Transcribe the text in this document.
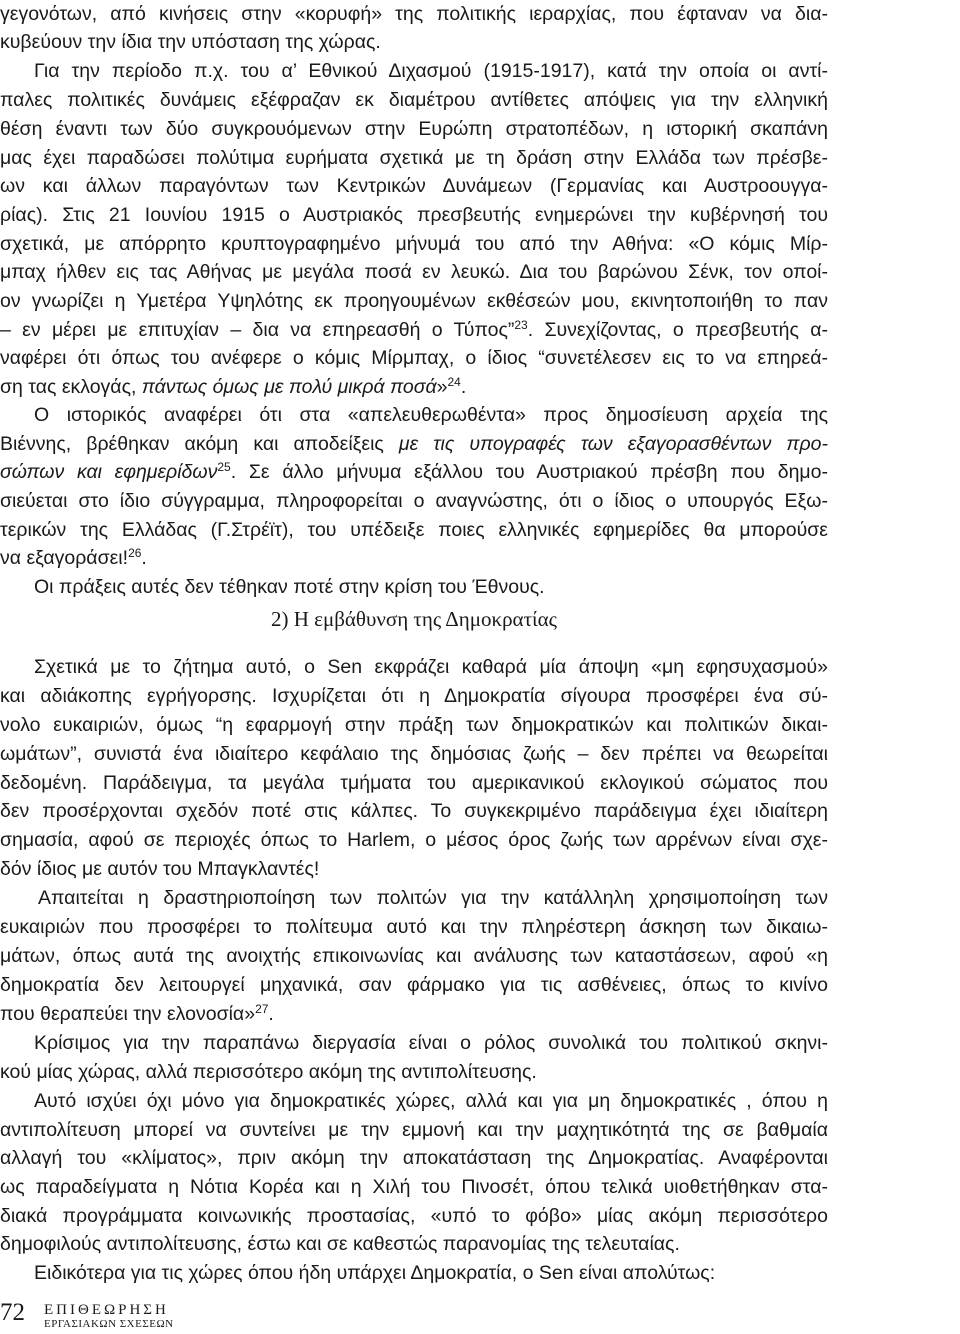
γεγονότων, από κινήσεις στην «κορυφή» της πολιτικής ιεραρχίας, που έφταναν να δια-
κυβεύουν την ίδια την υπόσταση της χώρας.
Για την περίοδο π.χ. του α’ Εθνικού Διχασμού (1915-1917), κατά την οποία οι αντί-
παλες πολιτικές δυνάμεις εξέφραζαν εκ διαμέτρου αντίθετες απόψεις για την ελληνική
θέση έναντι των δύο συγκρουόμενων στην Ευρώπη στρατοπέδων, η ιστορική σκαπάνη
μας έχει παραδώσει πολύτιμα ευρήματα σχετικά με τη δράση στην Ελλάδα των πρέσβε-
ων και άλλων παραγόντων των Κεντρικών Δυνάμεων (Γερμανίας και Αυστροουγγα-
ρίας). Στις 21 Ιουνίου 1915 ο Αυστριακός πρεσβευτής ενημερώνει την κυβέρνησή του
σχετικά, με απόρρητο κρυπτογραφημένο μήνυμά του από την Αθήνα: «Ο κόμις Μίρ-
μπαχ ήλθεν εις τας Αθήνας με μεγάλα ποσά εν λευκώ. Δια του βαρώνου Σένκ, τον οποί-
ον γνωρίζει η Υμετέρα Υψηλότης εκ προηγουμένων εκθέσεών μου, εκινητοποιήθη το παν
– εν μέρει με επιτυχίαν – δια να επηρεασθή ο Τύπος”$^{23}$. Συνεχίζοντας, ο πρεσβευτής α-
ναφέρει ότι όπως του ανέφερε ο κόμις Μίρμπαχ, ο ίδιος “συνετέλεσεν εις το να επηρεά-
ση τας εκλογάς, πάντως όμως με πολύ μικρά ποσά»$^{24}$.
Ο ιστορικός αναφέρει ότι στα «απελευθερωθέντα» προς δημοσίευση αρχεία της
Βιέννης, βρέθηκαν ακόμη και αποδείξεις με τις υπογραφές των εξαγορασθέντων προ-
σώπων και εφημερίδων$^{25}$. Σε άλλο μήνυμα εξάλλου του Αυστριακού πρέσβη που δημο-
σιεύεται στο ίδιο σύγγραμμα, πληροφορείται ο αναγνώστης, ότι ο ίδιος ο υπουργός Εξω-
τερικών της Ελλάδας (Γ.Στρέϊτ), του υπέδειξε ποιες ελληνικές εφημερίδες θα μπορούσε
να εξαγοράσει!$^{26}$.
Οι πράξεις αυτές δεν τέθηκαν ποτέ στην κρίση του Έθνους.
Σχετικά με το ζήτημα αυτό, ο Sen εκφράζει καθαρά μία άποψη «μη εφησυχασμού»
και αδιάκοπης εγρήγορσης. Ισχυρίζεται ότι η Δημοκρατία σίγουρα προσφέρει ένα σύ-
νολο ευκαιριών, όμως “η εφαρμογή στην πράξη των δημοκρατικών και πολιτικών δικαι-
ωμάτων”, συνιστά ένα ιδιαίτερο κεφάλαιο της δημόσιας ζωής – δεν πρέπει να θεωρείται
δεδομένη. Παράδειγμα, τα μεγάλα τμήματα του αμερικανικού εκλογικού σώματος που
δεν προσέρχονται σχεδόν ποτέ στις κάλπες. Το συγκεκριμένο παράδειγμα έχει ιδιαίτερη
σημασία, αφού σε περιοχές όπως το Harlem, ο μέσος όρος ζωής των αρρένων είναι σχε-
δόν ίδιος με αυτόν του Μπαγκλαντές!
Απαιτείται η δραστηριοποίηση των πολιτών για την κατάλληλη χρησιμοποίηση των
ευκαιριών που προσφέρει το πολίτευμα αυτό και την πληρέστερη άσκηση των δικαιω-
μάτων, όπως αυτά της ανοιχτής επικοινωνίας και ανάλυσης των καταστάσεων, αφού «η
δημοκρατία δεν λειτουργεί μηχανικά, σαν φάρμακο για τις ασθένειες, όπως το κινίνο
που θεραπεύει την ελονοσία»$^{27}$.
Κρίσιμος για την παραπάνω διεργασία είναι ο ρόλος συνολικά του πολιτικού σκηνι-
κού μίας χώρας, αλλά περισσότερο ακόμη της αντιπολίτευσης.
Αυτό ισχύει όχι μόνο για δημοκρατικές χώρες, αλλά και για μη δημοκρατικές , όπου η
αντιπολίτευση μπορεί να συντείνει με την εμμονή και την μαχητικότητά της σε βαθμαία
αλλαγή του «κλίματος», πριν ακόμη την αποκατάσταση της Δημοκρατίας. Αναφέρονται
ως παραδείγματα η Νότια Κορέα και η Χιλή του Πινοσέτ, όπου τελικά υιοθετήθηκαν στα-
διακά προγράμματα κοινωνικής προστασίας, «υπό το φόβο» μίας ακόμη περισσότερο
δημοφιλούς αντιπολίτευσης, έστω και σε καθεστώς παρανομίας της τελευταίας.
Ειδικότερα για τις χώρες όπου ήδη υπάρχει Δημοκρατία, ο Sen είναι απολύτως:
2) Η εμβάθυνση της Δημοκρατίας
72 ΕΠΙΘΕΩΡΗΣΗ
ΕΡΓΑΣΙΑΚΩΝ ΣΧΕΣΕΩΝ
